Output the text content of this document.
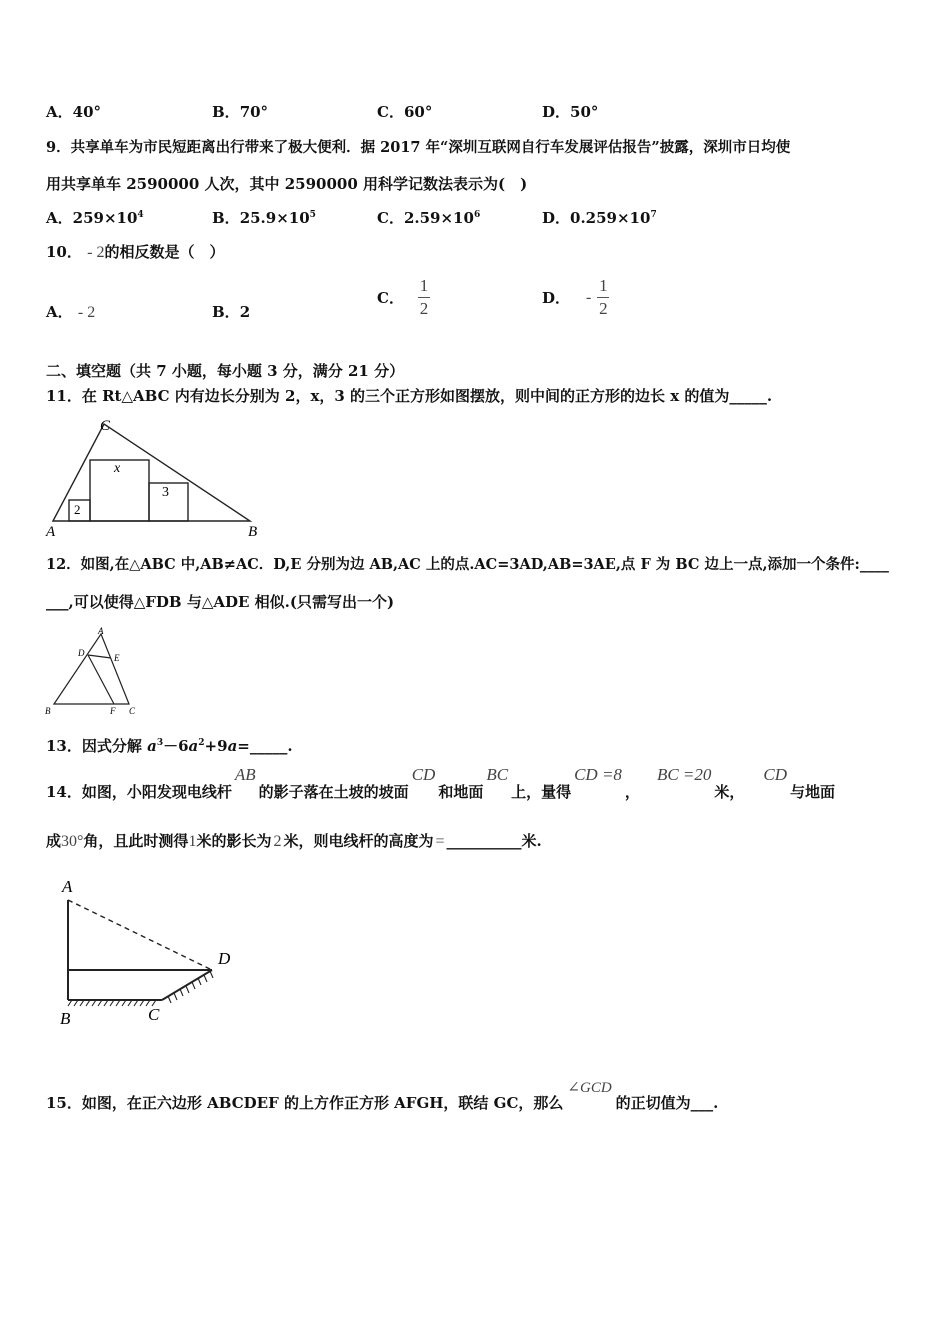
A．40°	B．70°	C．60°	D．50°
9．共享单车为市民短距离出行带来了极大便利．据 2017 年“深圳互联网自行车发展评估报告”披露，深圳市日均使
用共享单车 2590000 人次，其中 2590000 用科学记数法表示为(　)
A．$259\times 10^4$	B．$25.9\times 10^5$	C．$2.59\times 10^6$	D．$0.259\times 10^7$
10． - 2的相反数是（　）
A． - 2	B．2
C． $\frac{1}{2}$	D． - $\frac{1}{2}$
二、填空题（共 7 小题，每小题 3 分，满分 21 分）
11．在 Rt△ABC 内有边长分别为 2，x，3 的三个正方形如图摆放，则中间的正方形的边长 x 的值为_____.
C
A	B
2
x
3
12．如图,在△ABC 中,AB≠AC．D,E 分别为边 AB,AC 上的点.AC=3AD,AB=3AE,点 F 为 BC 边上一点,添加一个条件:____
___,可以使得△FDB 与△ADE 相似.(只需写出一个)
A
D	E
B	F C
13．因式分解 $a^3-6a^2+9a=\_\_\_\_\_$.
14．如图，小阳发现电线杆AB的影子落在土坡的坡面CD和地面BC上，量得CD =8，BC =20米，CD与地面
成30°角，且此时测得1米的影长为 2 米，则电线杆的高度为 = __________米.
A
D
B	C
15．如图，在正六边形 ABCDEF 的上方作正方形 AFGH，联结 GC，那么∠GCD的正切值为___.
